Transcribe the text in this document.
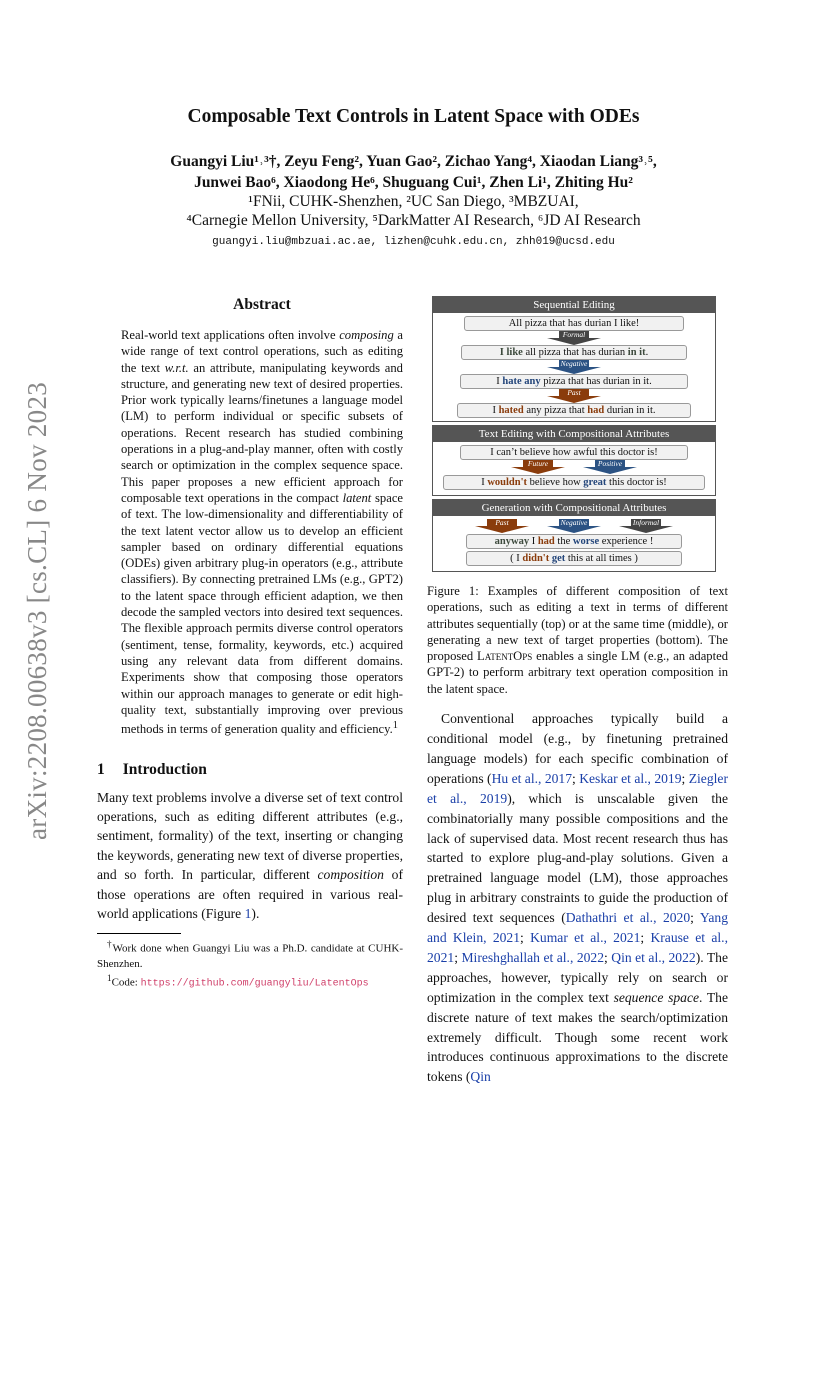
arXiv:2208.00638v3 [cs.CL] 6 Nov 2023
Composable Text Controls in Latent Space with ODEs
Guangyi Liu¹˒³†, Zeyu Feng², Yuan Gao², Zichao Yang⁴, Xiaodan Liang³˒⁵,
Junwei Bao⁶, Xiaodong He⁶, Shuguang Cui¹, Zhen Li¹, Zhiting Hu²
¹FNii, CUHK-Shenzhen, ²UC San Diego, ³MBZUAI,
⁴Carnegie Mellon University, ⁵DarkMatter AI Research, ⁶JD AI Research
guangyi.liu@mbzuai.ac.ae, lizhen@cuhk.edu.cn, zhh019@ucsd.edu
Abstract
Real-world text applications often involve composing a wide range of text control operations, such as editing the text w.r.t. an attribute, manipulating keywords and structure, and generating new text of desired properties. Prior work typically learns/finetunes a language model (LM) to perform individual or specific subsets of operations. Recent research has studied combining operations in a plug-and-play manner, often with costly search or optimization in the complex sequence space. This paper proposes a new efficient approach for composable text operations in the compact latent space of text. The low-dimensionality and differentiability of the text latent vector allow us to develop an efficient sampler based on ordinary differential equations (ODEs) given arbitrary plug-in operators (e.g., attribute classifiers). By connecting pretrained LMs (e.g., GPT2) to the latent space through efficient adaption, we then decode the sampled vectors into desired text sequences. The flexible approach permits diverse control operators (sentiment, tense, formality, keywords, etc.) acquired using any relevant data from different domains. Experiments show that composing those operators within our approach manages to generate or edit high-quality text, substantially improving over previous methods in terms of generation quality and efficiency.$^1$
1 Introduction
Many text problems involve a diverse set of text control operations, such as editing different attributes (e.g., sentiment, formality) of the text, inserting or changing the keywords, generating new text of diverse properties, and so forth. In particular, different composition of those operations are often required in various real-world applications (Figure 1).
†Work done when Guangyi Liu was a Ph.D. candidate at CUHK-Shenzhen.
$^1$Code: https://github.com/guangyliu/LatentOps
Sequential Editing
All pizza that has durian I like!
Formal
I like all pizza that has durian in it.
Negative
I hate any pizza that has durian in it.
Past
I hated any pizza that had durian in it.
Text Editing with Compositional Attributes
I can’t believe how awful this doctor is!
Future	Positive
I wouldn't believe how great this doctor is!
Generation with Compositional Attributes
Past	Negative	Informal
anyway I had the worse experience !
( I didn't get this at all times )
Figure 1: Examples of different composition of text operations, such as editing a text in terms of different attributes sequentially (top) or at the same time (middle), or generating a new text of target properties (bottom). The proposed LatentOps enables a single LM (e.g., an adapted GPT-2) to perform arbitrary text operation composition in the latent space.
Conventional approaches typically build a conditional model (e.g., by finetuning pretrained language models) for each specific combination of operations (Hu et al., 2017; Keskar et al., 2019; Ziegler et al., 2019), which is unscalable given the combinatorially many possible compositions and the lack of supervised data. Most recent research thus has started to explore plug-and-play solutions. Given a pretrained language model (LM), those approaches plug in arbitrary constraints to guide the production of desired text sequences (Dathathri et al., 2020; Yang and Klein, 2021; Kumar et al., 2021; Krause et al., 2021; Mireshghallah et al., 2022; Qin et al., 2022). The approaches, however, typically rely on search or optimization in the complex text sequence space. The discrete nature of text makes the search/optimization extremely difficult. Though some recent work introduces continuous approximations to the discrete tokens (Qin
